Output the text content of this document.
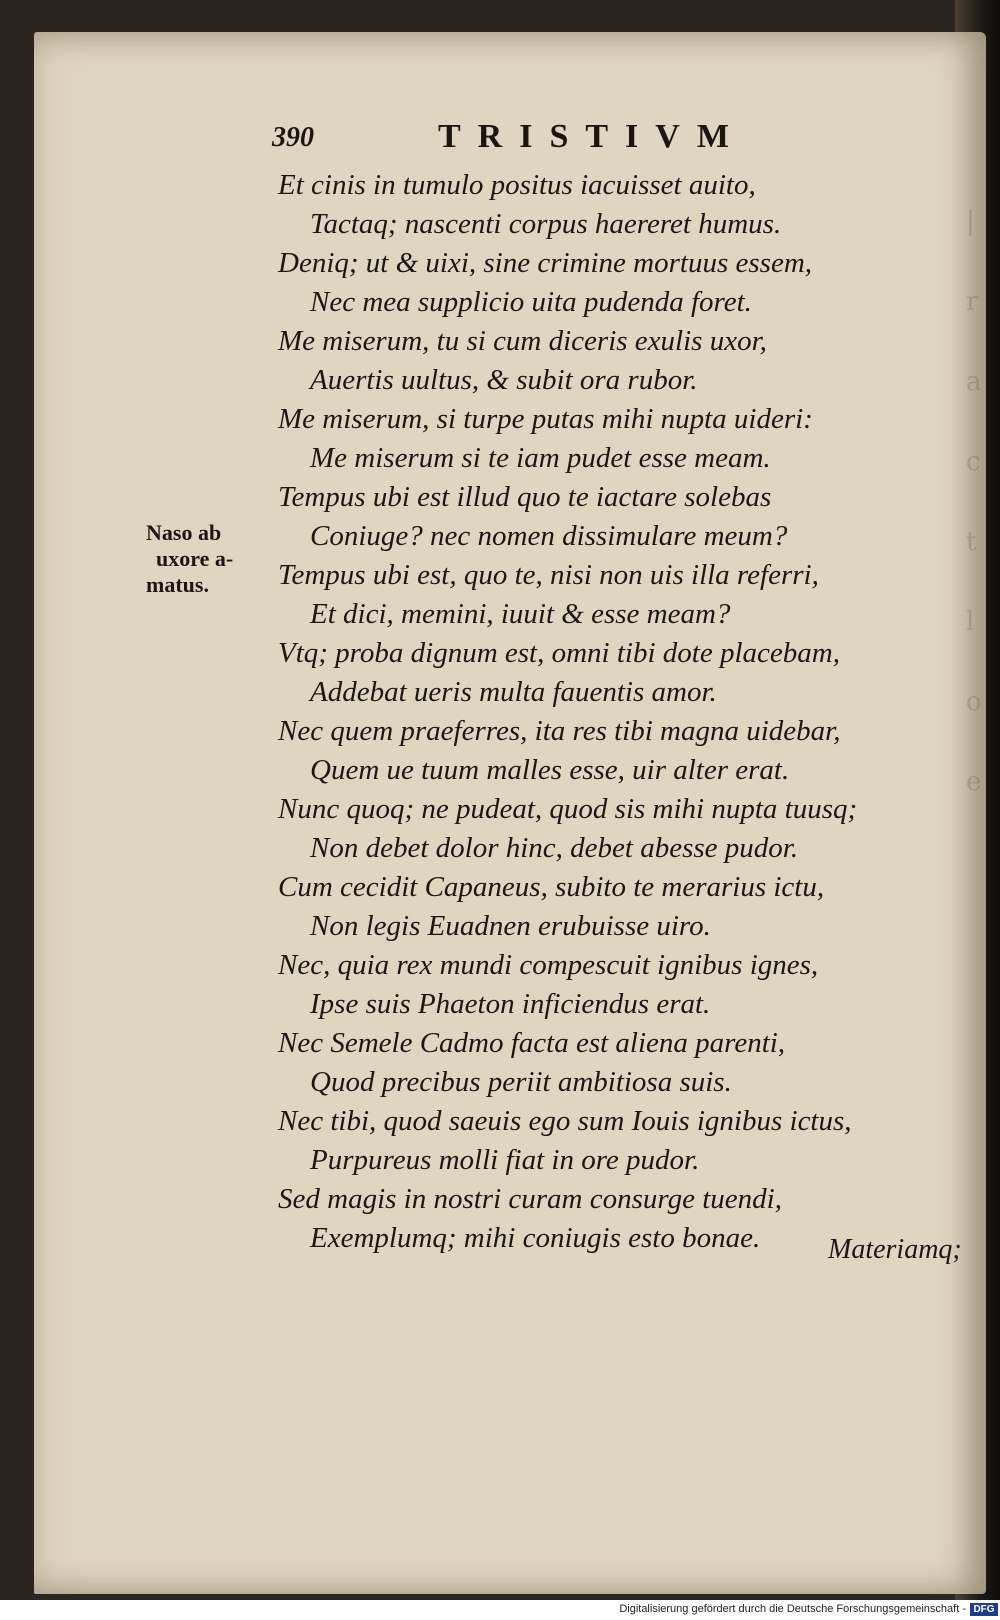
|
r
a
c
t
l
o
e
390	TRISTIVM
Naso ab
uxore a-
matus.
Et cinis in tumulo positus iacuisset auito,
Tactaq; nascenti corpus haereret humus.
Deniq; ut & uixi, sine crimine mortuus essem,
Nec mea supplicio uita pudenda foret.
Me miserum, tu si cum diceris exulis uxor,
Auertis uultus, & subit ora rubor.
Me miserum, si turpe putas mihi nupta uideri:
Me miserum si te iam pudet esse meam.
Tempus ubi est illud quo te iactare solebas
Coniuge? nec nomen dissimulare meum?
Tempus ubi est, quo te, nisi non uis illa referri,
Et dici, memini, iuuit & esse meam?
Vtq; proba dignum est, omni tibi dote placebam,
Addebat ueris multa fauentis amor.
Nec quem praeferres, ita res tibi magna uidebar,
Quem ue tuum malles esse, uir alter erat.
Nunc quoq; ne pudeat, quod sis mihi nupta tuusq;
Non debet dolor hinc, debet abesse pudor.
Cum cecidit Capaneus, subito te merarius ictu,
Non legis Euadnen erubuisse uiro.
Nec, quia rex mundi compescuit ignibus ignes,
Ipse suis Phaeton inficiendus erat.
Nec Semele Cadmo facta est aliena parenti,
Quod precibus periit ambitiosa suis.
Nec tibi, quod saeuis ego sum Iouis ignibus ictus,
Purpureus molli fiat in ore pudor.
Sed magis in nostri curam consurge tuendi,
Exemplumq; mihi coniugis esto bonae.	Materiamq;
Digitalisierung gefördert durch die Deutsche Forschungsgemeinschaft - DFG
